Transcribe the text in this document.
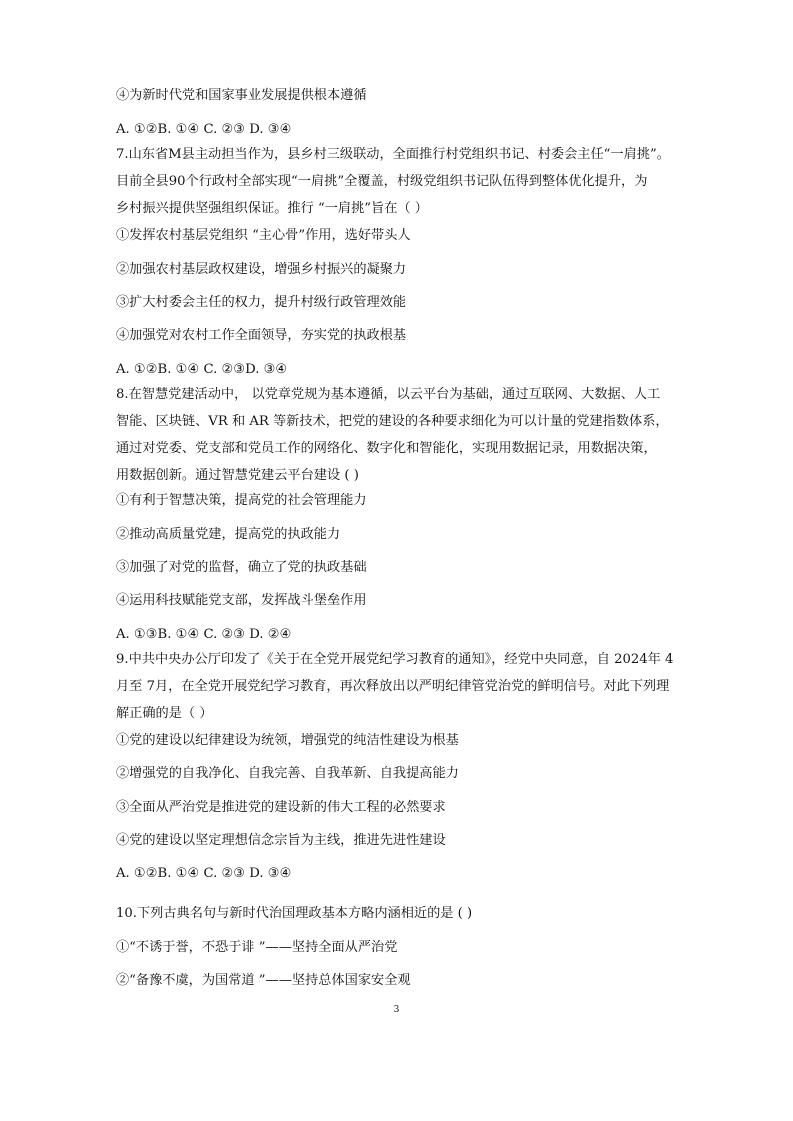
④为新时代党和国家事业发展提供根本遵循
A. ①②B. ①④ C. ②③ D. ③④
7.山东省M县主动担当作为，县乡村三级联动，全面推行村党组织书记、村委会主任“一肩挑”。
目前全县90个行政村全部实现“一肩挑”全覆盖，村级党组织书记队伍得到整体优化提升，为
乡村振兴提供坚强组织保证。推行 “一肩挑”旨在（ ）
①发挥农村基层党组织 “主心骨”作用，选好带头人
②加强农村基层政权建设，增强乡村振兴的凝聚力
③扩大村委会主任的权力，提升村级行政管理效能
④加强党对农村工作全面领导，夯实党的执政根基
A. ①②B. ①④ C. ②③D. ③④
8.在智慧党建活动中， 以党章党规为基本遵循，以云平台为基础，通过互联网、大数据、人工
智能、区块链、VR 和 AR 等新技术，把党的建设的各种要求细化为可以计量的党建指数体系，
通过对党委、党支部和党员工作的网络化、数字化和智能化，实现用数据记录，用数据决策，
用数据创新。通过智慧党建云平台建设 ( )
①有利于智慧决策，提高党的社会管理能力
②推动高质量党建，提高党的执政能力
③加强了对党的监督，确立了党的执政基础
④运用科技赋能党支部，发挥战斗堡垒作用
A. ①③B. ①④ C. ②③ D. ②④
9.中共中央办公厅印发了《关于在全党开展党纪学习教育的通知》，经党中央同意，自 2024年 4
月至 7月，在全党开展党纪学习教育，再次释放出以严明纪律管党治党的鲜明信号。对此下列理
解正确的是（ ）
①党的建设以纪律建设为统领，增强党的纯洁性建设为根基
②增强党的自我净化、自我完善、自我革新、自我提高能力
③全面从严治党是推进党的建设新的伟大工程的必然要求
④党的建设以坚定理想信念宗旨为主线，推进先进性建设
A. ①②B. ①④ C. ②③ D. ③④
10.下列古典名句与新时代治国理政基本方略内涵相近的是 ( )
①“不诱于誉，不恐于诽 ”——坚持全面从严治党
②“备豫不虞，为国常道 ”——坚持总体国家安全观
3
